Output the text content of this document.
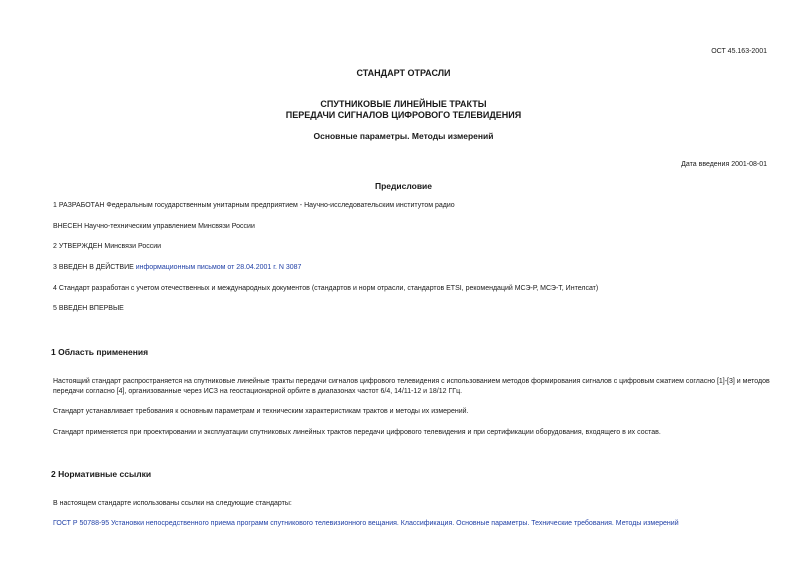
ОСТ 45.163-2001
СТАНДАРТ ОТРАСЛИ
СПУТНИКОВЫЕ ЛИНЕЙНЫЕ ТРАКТЫ
ПЕРЕДАЧИ СИГНАЛОВ ЦИФРОВОГО ТЕЛЕВИДЕНИЯ
Основные параметры. Методы измерений
Дата введения 2001-08-01
Предисловие
1 РАЗРАБОТАН Федеральным государственным унитарным предприятием - Научно-исследовательским институтом радио
ВНЕСЕН Научно-техническим управлением Минсвязи России
2 УТВЕРЖДЕН Минсвязи России
3 ВВЕДЕН В ДЕЙСТВИЕ информационным письмом от 28.04.2001 г. N 3087
4 Стандарт разработан с учетом отечественных и международных документов (стандартов и норм отрасли, стандартов ETSI, рекомендаций МСЭ-Р, МСЭ-Т, Интелсат)
5 ВВЕДЕН ВПЕРВЫЕ
1 Область применения
Настоящий стандарт распространяется на спутниковые линейные тракты передачи сигналов цифрового телевидения с использованием методов формирования сигналов с цифровым сжатием согласно [1]-[3] и методов передачи согласно [4], организованные через ИСЗ на геостационарной орбите в диапазонах частот 6/4, 14/11-12 и 18/12 ГГц.
Стандарт устанавливает требования к основным параметрам и техническим характеристикам трактов и методы их измерений.
Стандарт применяется при проектировании и эксплуатации спутниковых линейных трактов передачи цифрового телевидения и при сертификации оборудования, входящего в их состав.
2 Нормативные ссылки
В настоящем стандарте использованы ссылки на следующие стандарты:
ГОСТ Р 50788-95 Установки непосредственного приема программ спутникового телевизионного вещания. Классификация. Основные параметры. Технические требования. Методы измерений
